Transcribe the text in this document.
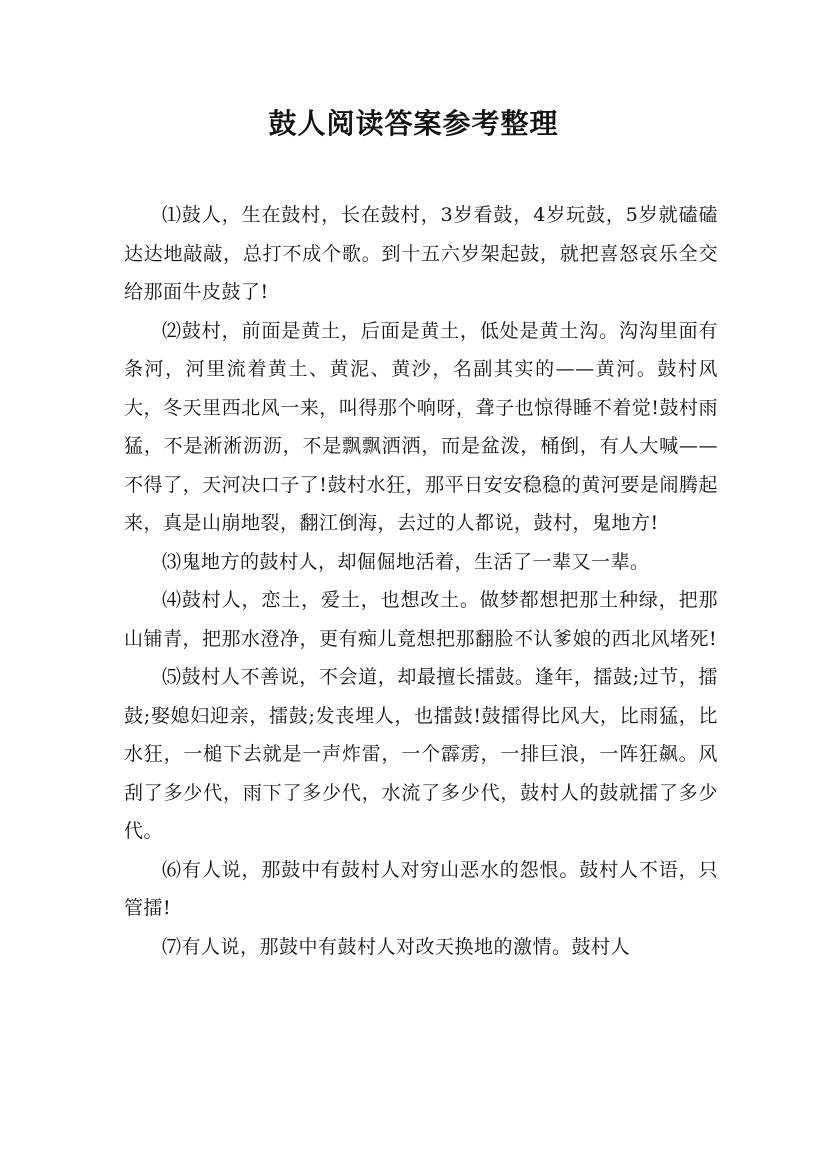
鼓人阅读答案参考整理

⑴鼓人，生在鼓村，长在鼓村，3岁看鼓，4岁玩鼓，5岁就磕磕达达地敲敲，总打不成个歌。到十五六岁架起鼓，就把喜怒哀乐全交给那面牛皮鼓了!

⑵鼓村，前面是黄土，后面是黄土，低处是黄土沟。沟沟里面有条河，河里流着黄土、黄泥、黄沙，名副其实的——黄河。鼓村风大，冬天里西北风一来，叫得那个响呀，聋子也惊得睡不着觉!鼓村雨猛，不是淅淅沥沥，不是飘飘洒洒，而是盆泼，桶倒，有人大喊——不得了，天河决口子了!鼓村水狂，那平日安安稳稳的黄河要是闹腾起来，真是山崩地裂，翻江倒海，去过的人都说，鼓村，鬼地方!

⑶鬼地方的鼓村人，却倔倔地活着，生活了一辈又一辈。

⑷鼓村人，恋土，爱土，也想改土。做梦都想把那土种绿，把那山铺青，把那水澄净，更有痴儿竟想把那翻脸不认爹娘的西北风堵死!

⑸鼓村人不善说，不会道，却最擅长擂鼓。逢年，擂鼓;过节，擂鼓;娶媳妇迎亲，擂鼓;发丧埋人，也擂鼓!鼓擂得比风大，比雨猛，比水狂，一槌下去就是一声炸雷，一个霹雳，一排巨浪，一阵狂飙。风刮了多少代，雨下了多少代，水流了多少代，鼓村人的鼓就擂了多少代。

⑹有人说，那鼓中有鼓村人对穷山恶水的怨恨。鼓村人不语，只管擂!

⑺有人说，那鼓中有鼓村人对改天换地的激情。鼓村人
